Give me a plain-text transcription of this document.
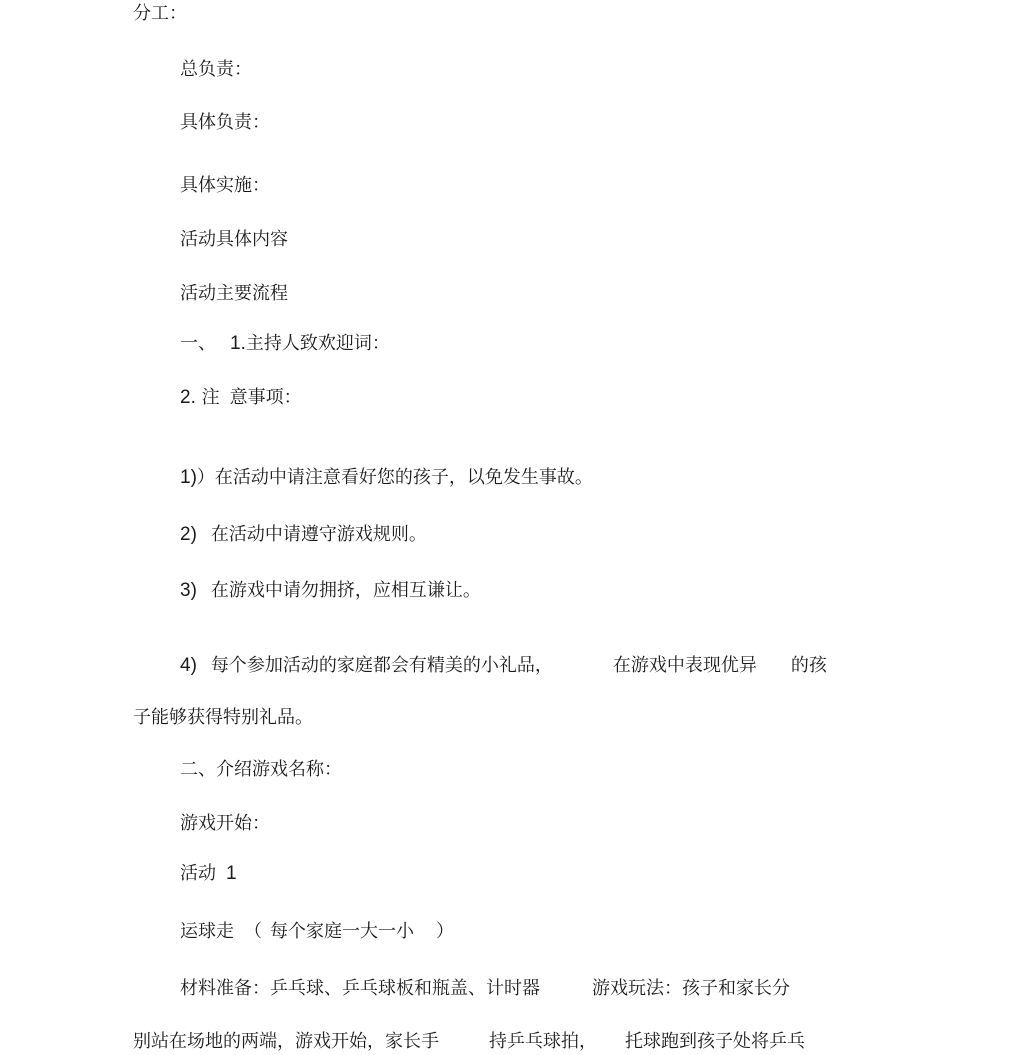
分工：
总负责：
具体负责：
具体实施：
活动具体内容
活动主要流程
一、 1.主持人致欢迎词：
2. 注 意事项：
1)）在活动中请注意看好您的孩子，以免发生事故。
2) 在活动中请遵守游戏规则。
3) 在游戏中请勿拥挤，应相互谦让。
4) 每个参加活动的家庭都会有精美的小礼品，	在游戏中表现优异 的孩
子能够获得特别礼品。
二、介绍游戏名称：
游戏开始：
活动 1
运球走 （ 每个家庭一大一小 ）
材料准备：乒乓球、乒乓球板和瓶盖、计时器	游戏玩法：孩子和家长分
别站在场地的两端，游戏开始，家长手	持乒乓球拍， 托球跑到孩子处将乒乓
